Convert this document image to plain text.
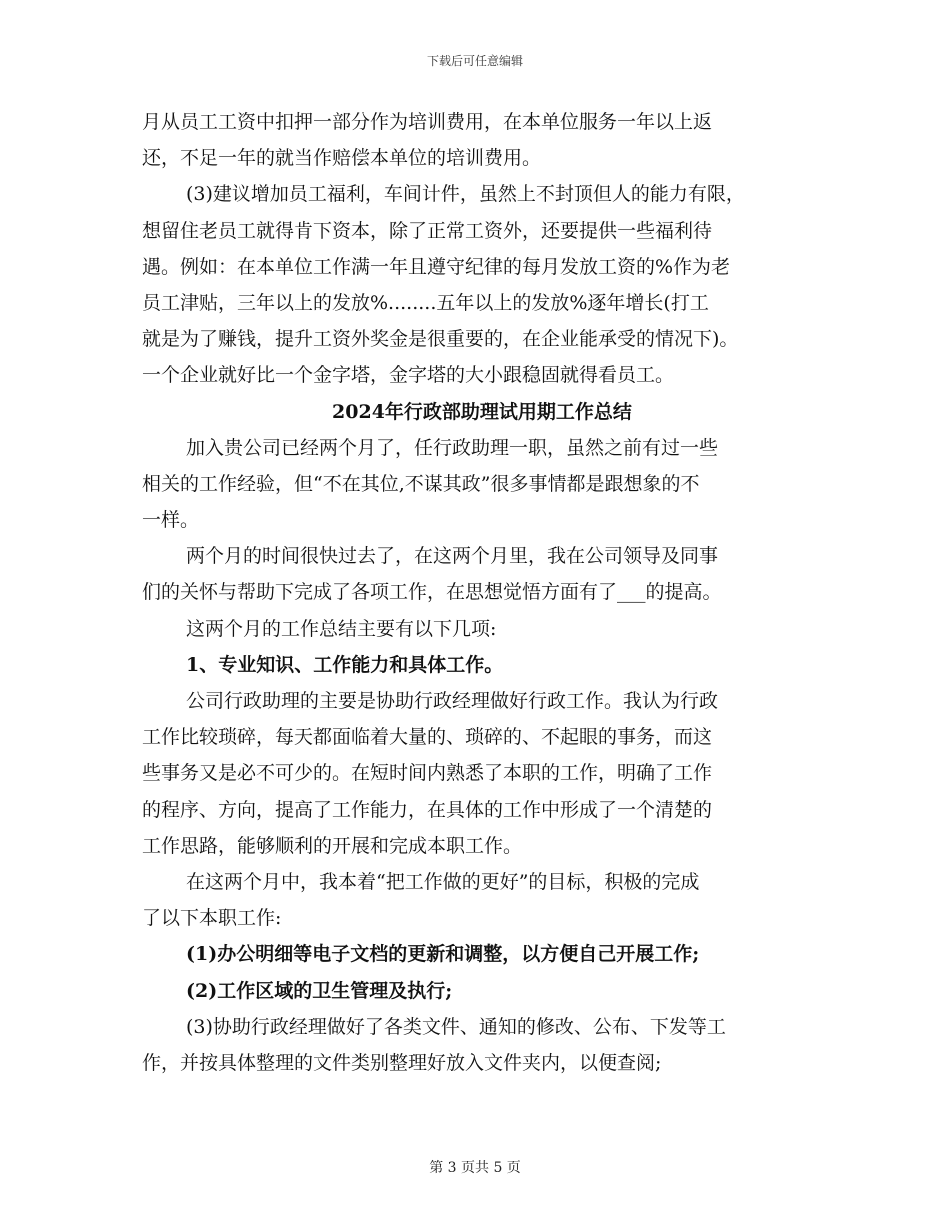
下载后可任意编辑
月从员工工资中扣押一部分作为培训费用，在本单位服务一年以上返
还，不足一年的就当作赔偿本单位的培训费用。
(3)建议增加员工福利，车间计件，虽然上不封顶但人的能力有限，
想留住老员工就得肯下资本，除了正常工资外，还要提供一些福利待
遇。例如：在本单位工作满一年且遵守纪律的每月发放工资的%作为老
员工津贴，三年以上的发放%........五年以上的发放%逐年增长(打工
就是为了赚钱，提升工资外奖金是很重要的，在企业能承受的情况下)。
一个企业就好比一个金字塔，金字塔的大小跟稳固就得看员工。
2024年行政部助理试用期工作总结
加入贵公司已经两个月了，任行政助理一职，虽然之前有过一些
相关的工作经验，但“不在其位,不谋其政”很多事情都是跟想象的不
一样。
两个月的时间很快过去了，在这两个月里，我在公司领导及同事
们的关怀与帮助下完成了各项工作，在思想觉悟方面有了___的提高。
这两个月的工作总结主要有以下几项:
1、专业知识、工作能力和具体工作。
公司行政助理的主要是协助行政经理做好行政工作。我认为行政
工作比较琐碎，每天都面临着大量的、琐碎的、不起眼的事务，而这
些事务又是必不可少的。在短时间内熟悉了本职的工作，明确了工作
的程序、方向，提高了工作能力，在具体的工作中形成了一个清楚的
工作思路，能够顺利的开展和完成本职工作。
在这两个月中，我本着“把工作做的更好”的目标，积极的完成
了以下本职工作:
(1)办公明细等电子文档的更新和调整，以方便自己开展工作;
(2)工作区域的卫生管理及执行;
(3)协助行政经理做好了各类文件、通知的修改、公布、下发等工
作，并按具体整理的文件类别整理好放入文件夹内，以便查阅;
第 3 页共 5 页
